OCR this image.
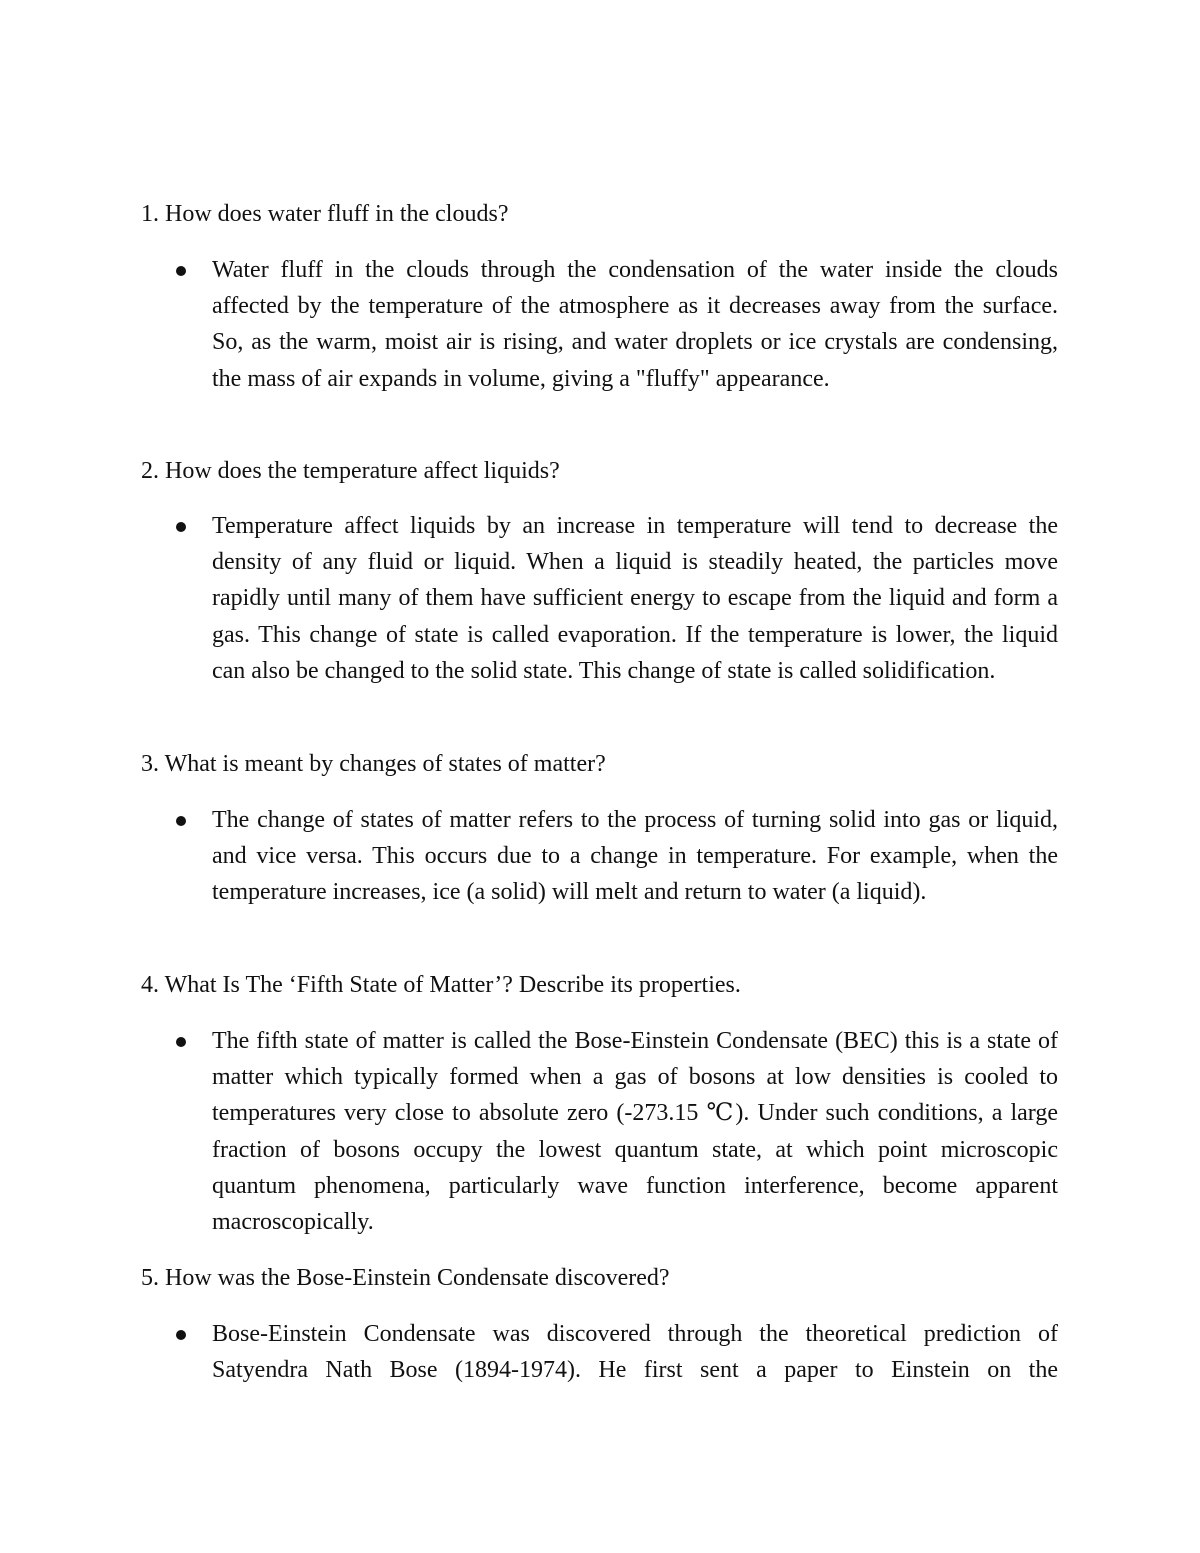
1. How does water fluff in the clouds?
Water fluff in the clouds through the condensation of the water inside the clouds affected by the temperature of the atmosphere as it decreases away from the surface. So, as the warm, moist air is rising, and water droplets or ice crystals are condensing, the mass of air expands in volume, giving a "fluffy" appearance.
2. How does the temperature affect liquids?
Temperature affect liquids by an increase in temperature will tend to decrease the density of any fluid or liquid. When a liquid is steadily heated, the particles move rapidly until many of them have sufficient energy to escape from the liquid and form a gas. This change of state is called evaporation. If the temperature is lower, the liquid can also be changed to the solid state. This change of state is called solidification.
3. What is meant by changes of states of matter?
The change of states of matter refers to the process of turning solid into gas or liquid, and vice versa. This occurs due to a change in temperature. For example, when the temperature increases, ice (a solid) will melt and return to water (a liquid).
4. What Is The ‘Fifth State of Matter’? Describe its properties.
The fifth state of matter is called the Bose-Einstein Condensate (BEC) this is a state of matter which typically formed when a gas of bosons at low densities is cooled to temperatures very close to absolute zero (-273.15 ℃). Under such conditions, a large fraction of bosons occupy the lowest quantum state, at which point microscopic quantum phenomena, particularly wave function interference, become apparent macroscopically.
5. How was the Bose-Einstein Condensate discovered?
Bose-Einstein Condensate was discovered through the theoretical prediction of Satyendra Nath Bose (1894-1974). He first sent a paper to Einstein on the
